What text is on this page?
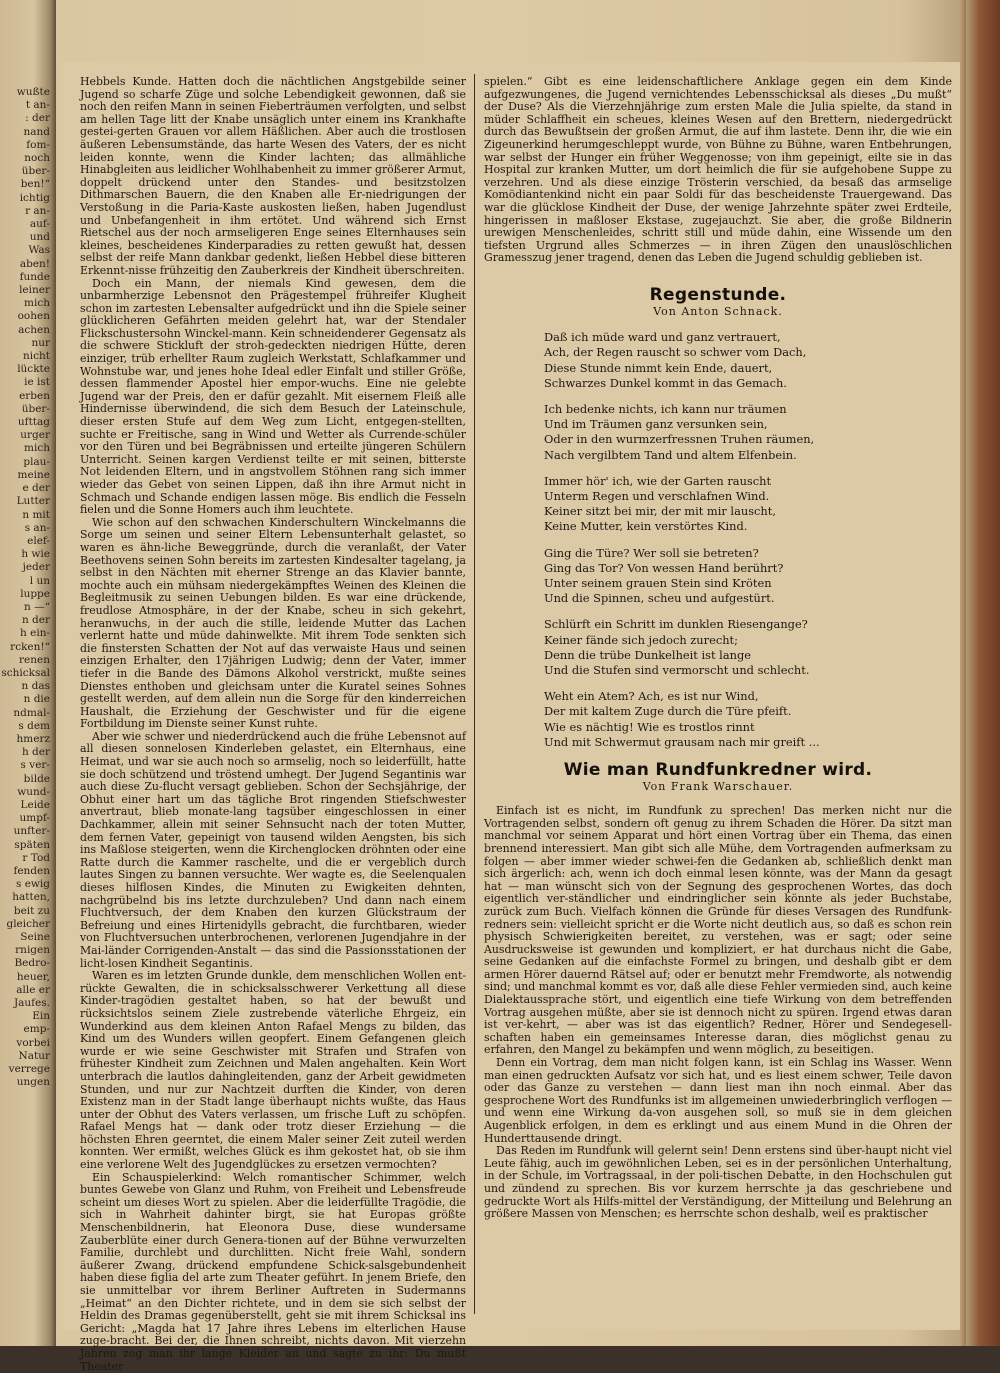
wußte
t an-
: der
nand
fom-
noch
über-
ben!“
ichtig
r an-
auf-
und
Was
aben!
funde
leiner
mich
oohen
achen
nur
nicht
lückte
ie ist
erben
über-
ufttag
urger
mich
plau-
meine
e der
Lutter
n mit
s an-
elef-
h wie
jeder
l un
luppe
n —“
n der
h ein-
rcken!“
renen
schicksal
n das
n die
ndmal-
s dem
hmerz
h der
s ver-
bilde
wund-
Leide
umpf-
unfter-
späten
r Tod
fenden
s ewig
hatten,
beit zu
gleicher
Seine
rnigen
Bedro-
heuer,
alle er
Jaufes.
Ein
emp-
vorbei
Natur
verrege
ungen

Hebbels Kunde. Hatten doch die nächtlichen Angstgebilde seiner Jugend so scharfe Züge und solche Lebendigkeit gewonnen, daß sie noch den reifen Mann in seinen Fieberträumen verfolgten, und selbst am hellen Tage litt der Knabe unsäglich unter einem ins Krankhafte gestei-gerten Grauen vor allem Häßlichen. Aber auch die trostlosen äußeren Lebensumstände, das harte Wesen des Vaters, der es nicht leiden konnte, wenn die Kinder lachten; das allmähliche Hinabgleiten aus leidlicher Wohlhabenheit zu immer größerer Armut, doppelt drückend unter den Standes- und besitzstolzen Dithmarschen Bauern, die den Knaben alle Er-niedrigungen der Verstoßung in die Paria-Kaste auskosten ließen, haben Jugendlust und Unbefangenheit in ihm ertötet. Und während sich Ernst Rietschel aus der noch armseligeren Enge seines Elternhauses sein kleines, bescheidenes Kinderparadies zu retten gewußt hat, dessen selbst der reife Mann dankbar gedenkt, ließen Hebbel diese bitteren Erkennt-nisse frühzeitig den Zauberkreis der Kindheit überschreiten.

Doch ein Mann, der niemals Kind gewesen, dem die unbarmherzige Lebensnot den Prägestempel frühreifer Klugheit schon im zartesten Lebensalter aufgedrückt und ihn die Spiele seiner glücklicheren Gefährten meiden gelehrt hat, war der Stendaler Flickschustersohn Winckel-mann. Kein schneidenderer Gegensatz als die schwere Stickluft der stroh-gedeckten niedrigen Hütte, deren einziger, trüb erhellter Raum zugleich Werkstatt, Schlafkammer und Wohnstube war, und jenes hohe Ideal edler Einfalt und stiller Größe, dessen flammender Apostel hier empor-wuchs. Eine nie gelebte Jugend war der Preis, den er dafür gezahlt. Mit eisernem Fleiß alle Hindernisse überwindend, die sich dem Besuch der Lateinschule, dieser ersten Stufe auf dem Weg zum Licht, entgegen-stellten, suchte er Freitische, sang in Wind und Wetter als Currende-schüler vor den Türen und bei Begräbnissen und erteilte jüngeren Schülern Unterricht. Seinen kargen Verdienst teilte er mit seinen, bitterste Not leidenden Eltern, und in angstvollem Stöhnen rang sich immer wieder das Gebet von seinen Lippen, daß ihn ihre Armut nicht in Schmach und Schande endigen lassen möge. Bis endlich die Fesseln fielen und die Sonne Homers auch ihm leuchtete.

Wie schon auf den schwachen Kinderschultern Winckelmanns die Sorge um seinen und seiner Eltern Lebensunterhalt gelastet, so waren es ähn-liche Beweggründe, durch die veranlaßt, der Vater Beethovens seinen Sohn bereits im zartesten Kindesalter tagelang, ja selbst in den Nächten mit eherner Strenge an das Klavier bannte, mochte auch ein mühsam niedergekämpftes Weinen des Kleinen die Begleitmusik zu seinen Uebungen bilden. Es war eine drückende, freudlose Atmosphäre, in der der Knabe, scheu in sich gekehrt, heranwuchs, in der auch die stille, leidende Mutter das Lachen verlernt hatte und müde dahinwelkte. Mit ihrem Tode senkten sich die finstersten Schatten der Not auf das verwaiste Haus und seinen einzigen Erhalter, den 17jährigen Ludwig; denn der Vater, immer tiefer in die Bande des Dämons Alkohol verstrickt, mußte seines Dienstes enthoben und gleichsam unter die Kuratel seines Sohnes gestellt werden, auf dem allein nun die Sorge für den kinderreichen Haushalt, die Erziehung der Geschwister und für die eigene Fortbildung im Dienste seiner Kunst ruhte.

Aber wie schwer und niederdrückend auch die frühe Lebensnot auf all diesen sonnelosen Kinderleben gelastet, ein Elternhaus, eine Heimat, und war sie auch noch so armselig, noch so leiderfüllt, hatte sie doch schützend und tröstend umhegt. Der Jugend Segantinis war auch diese Zu-flucht versagt geblieben. Schon der Sechsjährige, der Obhut einer hart um das tägliche Brot ringenden Stiefschwester anvertraut, blieb monate-lang tagsüber eingeschlossen in einer Dachkammer, allein mit seiner Sehnsucht nach der toten Mutter, dem fernen Vater, gepeinigt von tausend wilden Aengsten, bis sich ins Maßlose steigerten, wenn die Kirchenglocken dröhnten oder eine Ratte durch die Kammer raschelte, und die er vergeblich durch lautes Singen zu bannen versuchte. Wer wagte es, die Seelenqualen dieses hilflosen Kindes, die Minuten zu Ewigkeiten dehnten, nachgrübelnd bis ins letzte durchzuleben? Und dann nach einem Fluchtversuch, der dem Knaben den kurzen Glückstraum der Befreiung und eines Hirtenidylls gebracht, die furchtbaren, wieder von Fluchtversuchen unterbrochenen, verlorenen Jugendjahre in der Mai-länder Corrigenden-Anstalt — das sind die Passionsstationen der licht-losen Kindheit Segantinis.

Waren es im letzten Grunde dunkle, dem menschlichen Wollen ent-rückte Gewalten, die in schicksalsschwerer Verkettung all diese Kinder-tragödien gestaltet haben, so hat der bewußt und rücksichtslos seinem Ziele zustrebende väterliche Ehrgeiz, ein Wunderkind aus dem kleinen Anton Rafael Mengs zu bilden, das Kind um des Wunders willen geopfert. Einem Gefangenen gleich wurde er wie seine Geschwister mit Strafen und Strafen von frühester Kindheit zum Zeichnen und Malen angehalten. Kein Wort unterbrach die lautlos dahingleitenden, ganz der Arbeit gewidmeten Stunden, und nur zur Nachtzeit durften die Kinder, von deren Existenz man in der Stadt lange überhaupt nichts wußte, das Haus unter der Obhut des Vaters verlassen, um frische Luft zu schöpfen. Rafael Mengs hat — dank oder trotz dieser Erziehung — die höchsten Ehren geerntet, die einem Maler seiner Zeit zuteil werden konnten. Wer ermißt, welches Glück es ihm gekostet hat, ob sie ihm eine verlorene Welt des Jugendglückes zu ersetzen vermochten?

Ein Schauspielerkind: Welch romantischer Schimmer, welch buntes Gewebe von Glanz und Ruhm, von Freiheit und Lebensfreude scheint um dieses Wort zu spielen. Aber die leiderfüllte Tragödie, die sich in Wahrheit dahinter birgt, sie hat Europas größte Menschenbildnerin, hat Eleonora Duse, diese wundersame Zauberblüte einer durch Genera-tionen auf der Bühne verwurzelten Familie, durchlebt und durchlitten. Nicht freie Wahl, sondern äußerer Zwang, drückend empfundene Schick-salsgebundenheit haben diese figlia del arte zum Theater geführt. In jenem Briefe, den sie unmittelbar vor ihrem Berliner Auftreten in Sudermanns „Heimat“ an den Dichter richtete, und in dem sie sich selbst der Heldin des Dramas gegenüberstellt, geht sie mit ihrem Schicksal ins Gericht: „Magda hat 17 Jahre ihres Lebens im elterlichen Hause zuge-bracht. Bei der, die Ihnen schreibt, nichts davon. Mit vierzehn Jahren zog man ihr lange Kleider an und sagte zu ihr: Du mußt Theater

spielen.“ Gibt es eine leidenschaftlichere Anklage gegen ein dem Kinde aufgezwungenes, die Jugend vernichtendes Lebensschicksal als dieses „Du mußt“ der Duse? Als die Vierzehnjährige zum ersten Male die Julia spielte, da stand in müder Schlaffheit ein scheues, kleines Wesen auf den Brettern, niedergedrückt durch das Bewußtsein der großen Armut, die auf ihm lastete. Denn ihr, die wie ein Zigeunerkind herumgeschleppt wurde, von Bühne zu Bühne, waren Entbehrungen, war selbst der Hunger ein früher Weggenosse; von ihm gepeinigt, eilte sie in das Hospital zur kranken Mutter, um dort heimlich die für sie aufgehobene Suppe zu verzehren. Und als diese einzige Trösterin verschied, da besaß das armselige Komödiantenkind nicht ein paar Soldi für das bescheidenste Trauergewand. Das war die glücklose Kindheit der Duse, der wenige Jahrzehnte später zwei Erdteile, hingerissen in maßloser Ekstase, zugejauchzt. Sie aber, die große Bildnerin urewigen Menschenleides, schritt still und müde dahin, eine Wissende um den tiefsten Urgrund alles Schmerzes — in ihren Zügen den unauslöschlichen Gramesszug jener tragend, denen das Leben die Jugend schuldig geblieben ist.

Regenstunde.
Von Anton Schnack.
Daß ich müde ward und ganz vertrauert,
Ach, der Regen rauscht so schwer vom Dach,
Diese Stunde nimmt kein Ende, dauert,
Schwarzes Dunkel kommt in das Gemach.
Ich bedenke nichts, ich kann nur träumen
Und im Träumen ganz versunken sein,
Oder in den wurmzerfressnen Truhen räumen,
Nach vergilbtem Tand und altem Elfenbein.
Immer hör' ich, wie der Garten rauscht
Unterm Regen und verschlafnen Wind.
Keiner sitzt bei mir, der mit mir lauscht,
Keine Mutter, kein verstörtes Kind.
Ging die Türe? Wer soll sie betreten?
Ging das Tor? Von wessen Hand berührt?
Unter seinem grauen Stein sind Kröten
Und die Spinnen, scheu und aufgestürt.
Schlürft ein Schritt im dunklen Riesengange?
Keiner fände sich jedoch zurecht;
Denn die trübe Dunkelheit ist lange
Und die Stufen sind vermorscht und schlecht.
Weht ein Atem? Ach, es ist nur Wind,
Der mit kaltem Zuge durch die Türe pfeift.
Wie es nächtig! Wie es trostlos rinnt
Und mit Schwermut grausam nach mir greift ...
Wie man Rundfunkredner wird.
Von Frank Warschauer.

Einfach ist es nicht, im Rundfunk zu sprechen! Das merken nicht nur die Vortragenden selbst, sondern oft genug zu ihrem Schaden die Hörer. Da sitzt man manchmal vor seinem Apparat und hört einen Vortrag über ein Thema, das einen brennend interessiert. Man gibt sich alle Mühe, dem Vortragenden aufmerksam zu folgen — aber immer wieder schwei-fen die Gedanken ab, schließlich denkt man sich ärgerlich: ach, wenn ich doch einmal lesen könnte, was der Mann da gesagt hat — man wünscht sich von der Segnung des gesprochenen Wortes, das doch eigentlich ver-ständlicher und eindringlicher sein könnte als jeder Buchstabe, zurück zum Buch. Vielfach können die Gründe für dieses Versagen des Rundfunk-redners sein: vielleicht spricht er die Worte nicht deutlich aus, so daß es schon rein physisch Schwierigkeiten bereitet, zu verstehen, was er sagt; oder seine Ausdrucksweise ist gewunden und kompliziert, er hat durchaus nicht die Gabe, seine Gedanken auf die einfachste Formel zu bringen, und deshalb gibt er dem armen Hörer dauernd Rätsel auf; oder er benutzt mehr Fremdworte, als notwendig sind; und manchmal kommt es vor, daß alle diese Fehler vermieden sind, auch keine Dialektaussprache stört, und eigentlich eine tiefe Wirkung von dem betreffenden Vortrag ausgehen müßte, aber sie ist dennoch nicht zu spüren. Irgend etwas daran ist ver-kehrt, — aber was ist das eigentlich? Redner, Hörer und Sendegesell-schaften haben ein gemeinsames Interesse daran, dies möglichst genau zu erfahren, den Mangel zu bekämpfen und wenn möglich, zu beseitigen.

Denn ein Vortrag, dem man nicht folgen kann, ist ein Schlag ins Wasser. Wenn man einen gedruckten Aufsatz vor sich hat, und es liest einem schwer, Teile davon oder das Ganze zu verstehen — dann liest man ihn noch einmal. Aber das gesprochene Wort des Rundfunks ist im allgemeinen unwiederbringlich verflogen — und wenn eine Wirkung da-von ausgehen soll, so muß sie in dem gleichen Augenblick erfolgen, in dem es erklingt und aus einem Mund in die Ohren der Hunderttausende dringt.

Das Reden im Rundfunk will gelernt sein! Denn erstens sind über-haupt nicht viel Leute fähig, auch im gewöhnlichen Leben, sei es in der persönlichen Unterhaltung, in der Schule, im Vortragssaal, in der poli-tischen Debatte, in den Hochschulen gut und zündend zu sprechen. Bis vor kurzem herrschte ja das geschriebene und gedruckte Wort als Hilfs-mittel der Verständigung, der Mitteilung und Belehrung an größere Massen von Menschen; es herrschte schon deshalb, weil es praktischer
